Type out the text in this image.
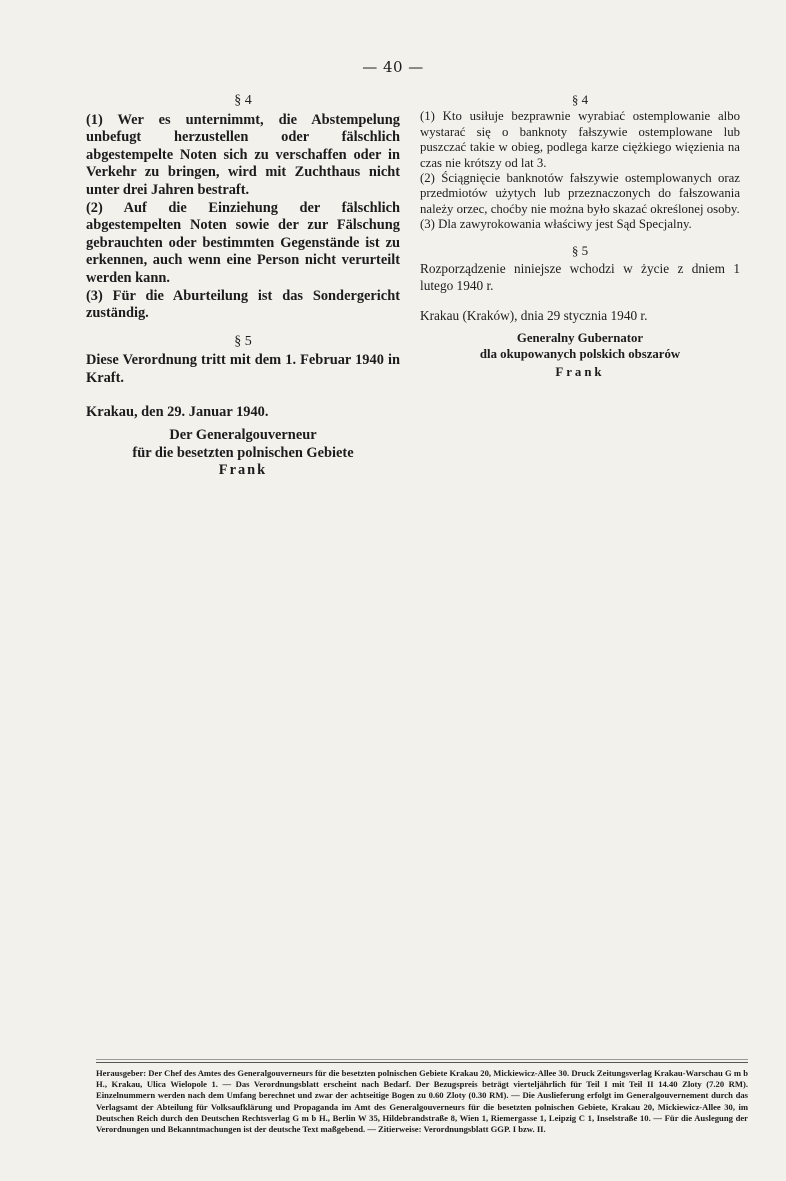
— 40 —
§ 4

(1) Wer es unternimmt, die Abstempelung unbefugt herzustellen oder fälschlich abgestempelte Noten sich zu verschaffen oder in Verkehr zu bringen, wird mit Zuchthaus nicht unter drei Jahren bestraft.

(2) Auf die Einziehung der fälschlich abgestempelten Noten sowie der zur Fälschung gebrauchten oder bestimmten Gegenstände ist zu erkennen, auch wenn eine Person nicht verurteilt werden kann.

(3) Für die Aburteilung ist das Sondergericht zuständig.

§ 5

Diese Verordnung tritt mit dem 1. Februar 1940 in Kraft.

Krakau, den 29. Januar 1940.

Der Generalgouverneur
für die besetzten polnischen Gebiete
Frank
§ 4

(1) Kto usiłuje bezprawnie wyrabiać ostemplowanie albo wystarać się o banknoty fałszywie ostemplowane lub puszczać takie w obieg, podlega karze ciężkiego więzienia na czas nie krótszy od lat 3.

(2) Ściągnięcie banknotów fałszywie ostemplowanych oraz przedmiotów użytych lub przeznaczonych do fałszowania należy orzec, choćby nie można było skazać określonej osoby.

(3) Dla zawyrokowania właściwy jest Sąd Specjalny.

§ 5

Rozporządzenie niniejsze wchodzi w życie z dniem 1 lutego 1940 r.

Krakau (Kraków), dnia 29 stycznia 1940 r.

Generalny Gubernator
dla okupowanych polskich obszarów
Frank
Herausgeber: Der Chef des Amtes des Generalgouverneurs für die besetzten polnischen Gebiete Krakau 20, Mickiewicz-Allee 30. Druck Zeitungsverlag Krakau-Warschau G m b H., Krakau, Ulica Wielopole 1. — Das Verordnungsblatt erscheint nach Bedarf. Der Bezugspreis beträgt vierteljährlich für Teil I mit Teil II 14.40 Zloty (7.20 RM). Einzelnummern werden nach dem Umfang berechnet und zwar der achtseitige Bogen zu 0.60 Zloty (0.30 RM). — Die Auslieferung erfolgt im Generalgouvernement durch das Verlagsamt der Abteilung für Volksaufklärung und Propaganda im Amt des Generalgouverneurs für die besetzten polnischen Gebiete, Krakau 20, Mickiewicz-Allee 30, im Deutschen Reich durch den Deutschen Rechtsverlag G m b H., Berlin W 35, Hildebrandstraße 8, Wien 1, Riemergasse 1, Leipzig C 1, Inselstraße 10. — Für die Auslegung der Verordnungen und Bekanntmachungen ist der deutsche Text maßgebend. — Zitierweise: Verordnungsblatt GGP. I bzw. II.
